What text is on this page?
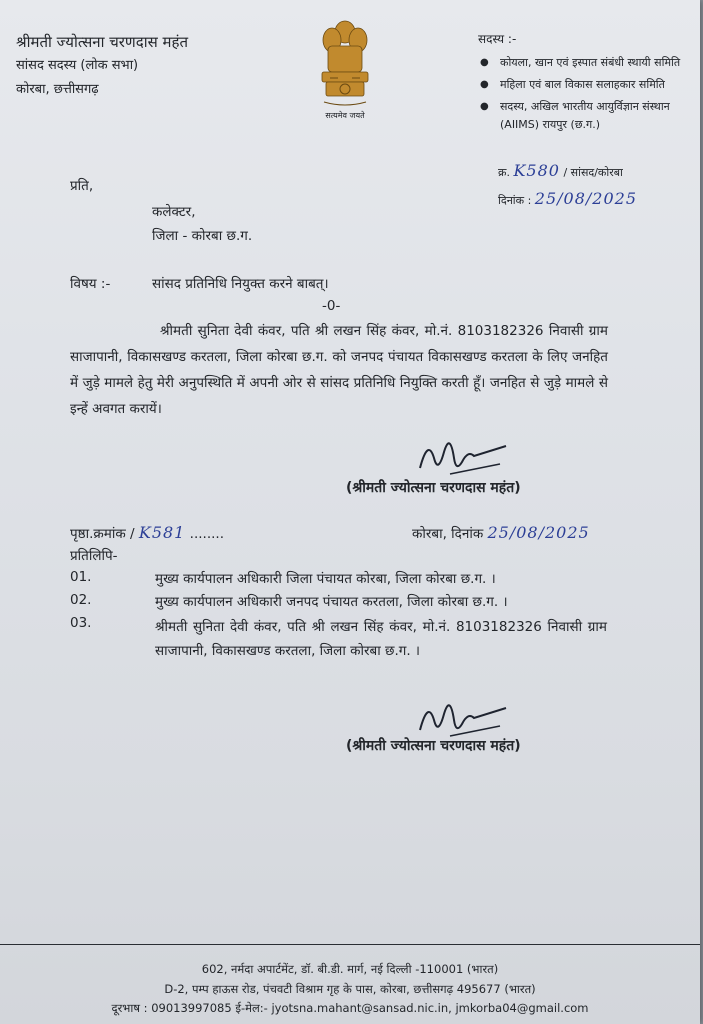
श्रीमती ज्योत्सना चरणदास महंत
सांसद सदस्य (लोक सभा)
कोरबा, छत्तीसगढ़
सत्यमेव जयते
सदस्य :-
● कोयला, खान एवं इस्पात संबंधी स्थायी समिति
● महिला एवं बाल विकास सलाहकार समिति
● सदस्य, अखिल भारतीय आयुर्विज्ञान संस्थान (AIIMS) रायपुर (छ.ग.)
क्र. K580 / सांसद/कोरबा
दिनांक : 25/08/2025
प्रति,
कलेक्टर,
जिला - कोरबा छ.ग.
विषय :-	सांसद प्रतिनिधि नियुक्त करने बाबत्।
-0-
श्रीमती सुनिता देवी कंवर, पति श्री लखन सिंह कंवर, मो.नं. 8103182326 निवासी ग्राम साजापानी, विकासखण्ड करतला, जिला कोरबा छ.ग. को जनपद पंचायत विकासखण्ड करतला के लिए जनहित में जुड़े मामले हेतु मेरी अनुपस्थिति में अपनी ओर से सांसद प्रतिनिधि नियुक्ति करती हूँ। जनहित से जुड़े मामले से इन्हें अवगत करायें।
(श्रीमती ज्योत्सना चरणदास महंत)
पृष्ठा.क्रमांक / K581 ........	कोरबा, दिनांक 25/08/2025
प्रतिलिपि-
01.	मुख्य कार्यपालन अधिकारी जिला पंचायत कोरबा, जिला कोरबा छ.ग. ।
02.	मुख्य कार्यपालन अधिकारी जनपद पंचायत करतला, जिला कोरबा छ.ग. ।
03.	श्रीमती सुनिता देवी कंवर, पति श्री लखन सिंह कंवर, मो.नं. 8103182326 निवासी ग्राम साजापानी, विकासखण्ड करतला, जिला कोरबा छ.ग. ।
(श्रीमती ज्योत्सना चरणदास महंत)
602, नर्मदा अपार्टमेंट, डॉ. बी.डी. मार्ग, नई दिल्ली -110001 (भारत)
D-2, पम्प हाऊस रोड, पंचवटी विश्राम गृह के पास, कोरबा, छत्तीसगढ़ 495677 (भारत)
दूरभाष : 09013997085 ई-मेल:- jyotsna.mahant@sansad.nic.in, jmkorba04@gmail.com
